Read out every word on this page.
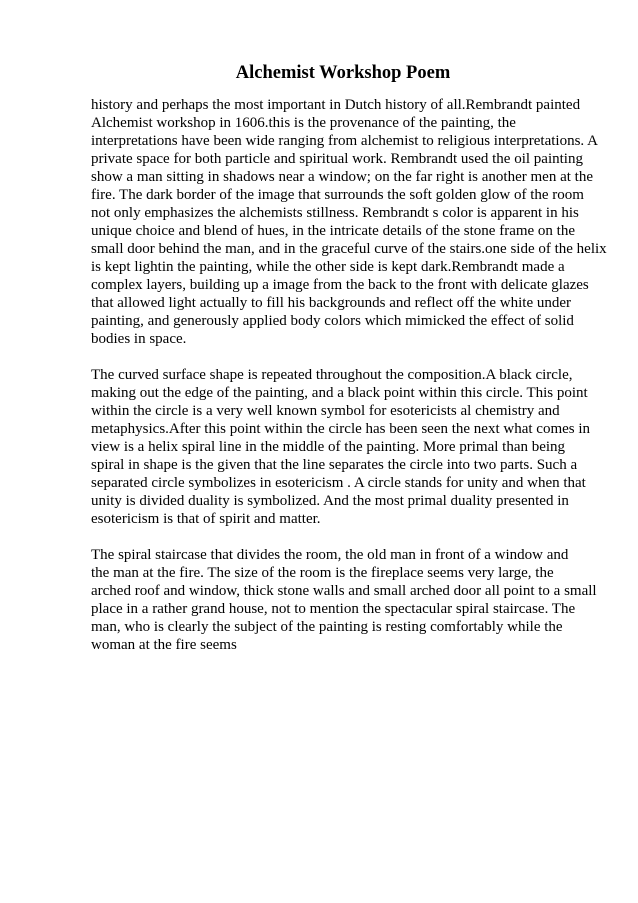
Alchemist Workshop Poem

history and perhaps the most important in Dutch history of all.Rembrandt painted
Alchemist workshop in 1606.this is the provenance of the painting, the
interpretations have been wide ranging from alchemist to religious interpretations. A
private space for both particle and spiritual work. Rembrandt used the oil painting
show a man sitting in shadows near a window; on the far right is another men at the
fire. The dark border of the image that surrounds the soft golden glow of the room
not only emphasizes the alchemists stillness. Rembrandt s color is apparent in his
unique choice and blend of hues, in the intricate details of the stone frame on the
small door behind the man, and in the graceful curve of the stairs.one side of the helix
is kept lightin the painting, while the other side is kept dark.Rembrandt made a
complex layers, building up a image from the back to the front with delicate glazes
that allowed light actually to fill his backgrounds and reflect off the white under
painting, and generously applied body colors which mimicked the effect of solid
bodies in space.

The curved surface shape is repeated throughout the composition.A black circle,
making out the edge of the painting, and a black point within this circle. This point
within the circle is a very well known symbol for esotericists al chemistry and
metaphysics.After this point within the circle has been seen the next what comes in
view is a helix spiral line in the middle of the painting. More primal than being
spiral in shape is the given that the line separates the circle into two parts. Such a
separated circle symbolizes in esotericism . A circle stands for unity and when that
unity is divided duality is symbolized. And the most primal duality presented in
esotericism is that of spirit and matter.

The spiral staircase that divides the room, the old man in front of a window and
the man at the fire. The size of the room is the fireplace seems very large, the
arched roof and window, thick stone walls and small arched door all point to a small
place in a rather grand house, not to mention the spectacular spiral staircase. The
man, who is clearly the subject of the painting is resting comfortably while the
woman at the fire seems
